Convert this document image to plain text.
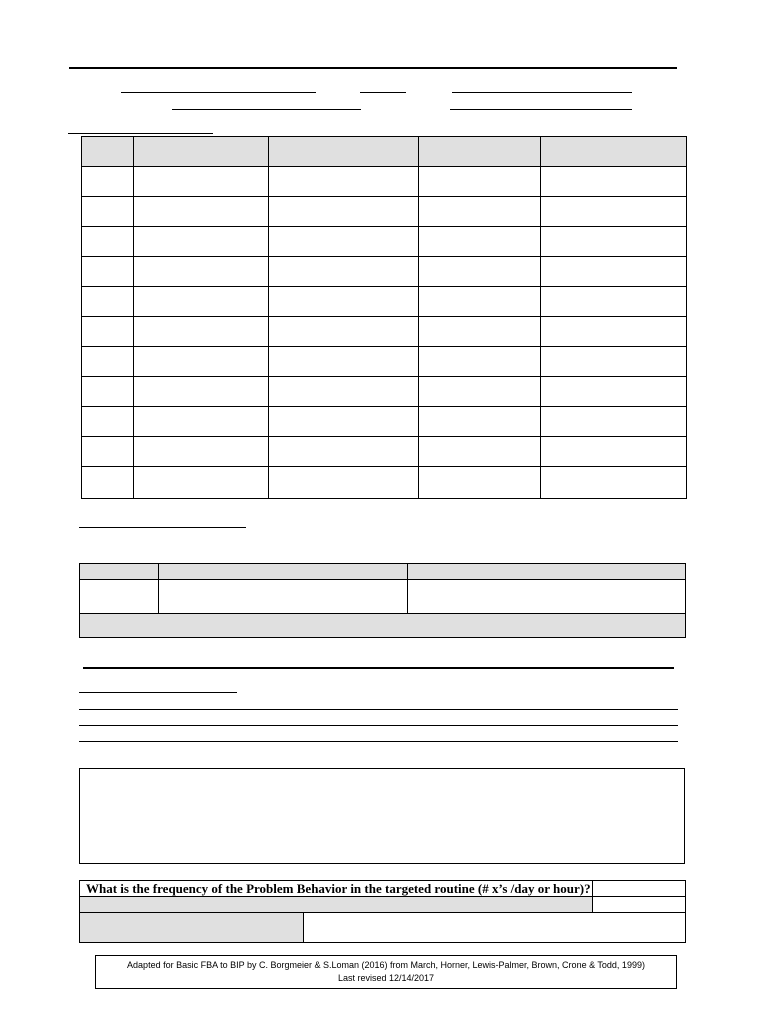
What is the frequency of the Problem Behavior in the targeted routine (# x’s /day or hour)?		

Adapted for Basic FBA to BIP by C. Borgmeier & S.Loman (2016) from March, Horner, Lewis-Palmer, Brown, Crone & Todd, 1999)
Last revised 12/14/2017
